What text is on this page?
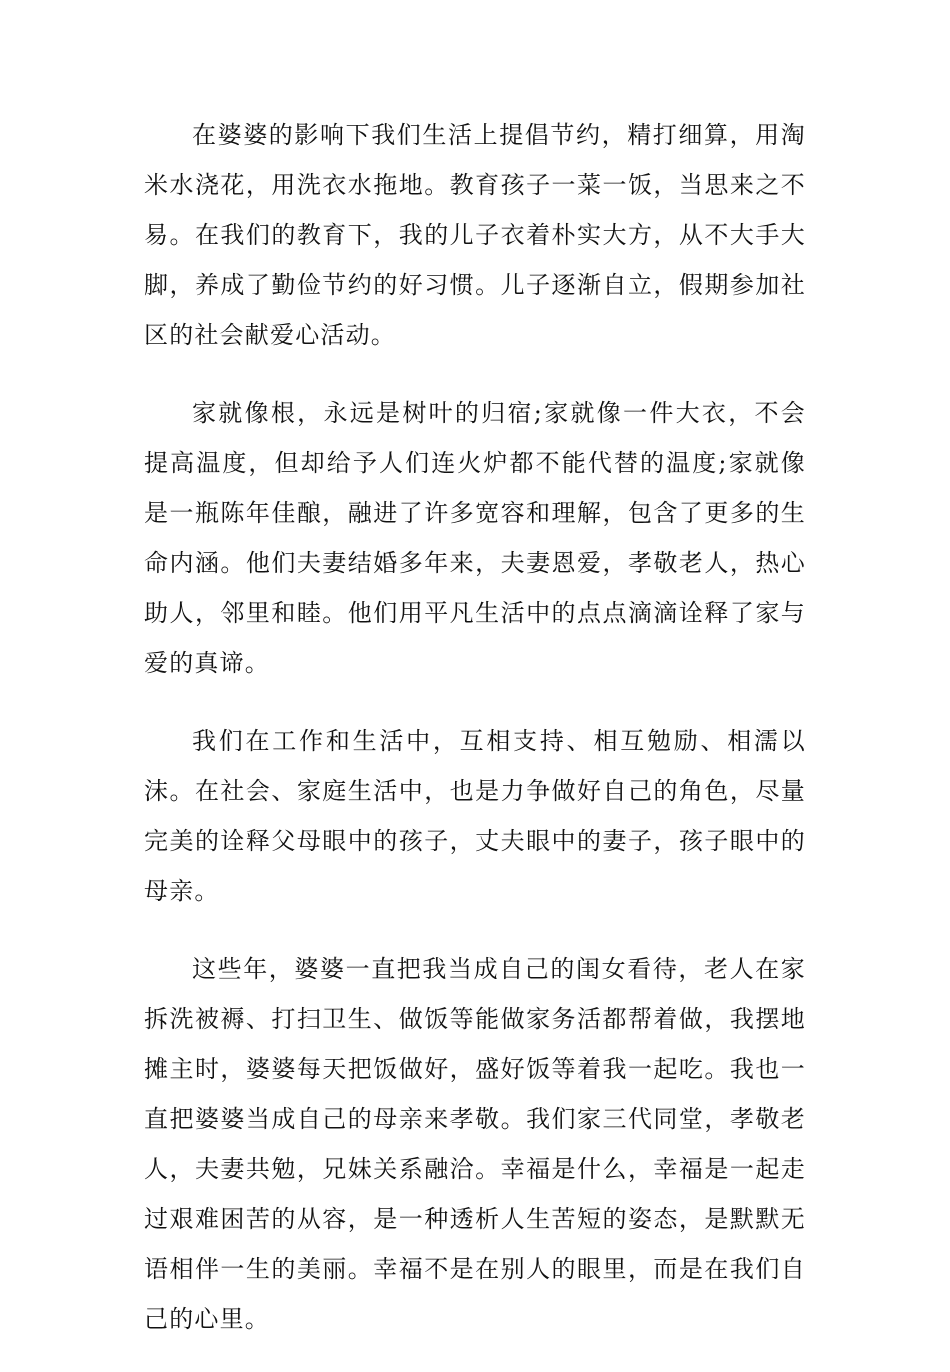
在婆婆的影响下我们生活上提倡节约，精打细算，用淘米水浇花，用洗衣水拖地。教育孩子一菜一饭，当思来之不易。在我们的教育下，我的儿子衣着朴实大方，从不大手大脚，养成了勤俭节约的好习惯。儿子逐渐自立，假期参加社区的社会献爱心活动。

家就像根，永远是树叶的归宿;家就像一件大衣，不会提高温度，但却给予人们连火炉都不能代替的温度;家就像是一瓶陈年佳酿，融进了许多宽容和理解，包含了更多的生命内涵。他们夫妻结婚多年来，夫妻恩爱，孝敬老人，热心助人，邻里和睦。他们用平凡生活中的点点滴滴诠释了家与爱的真谛。

我们在工作和生活中，互相支持、相互勉励、相濡以沫。在社会、家庭生活中，也是力争做好自己的角色，尽量完美的诠释父母眼中的孩子，丈夫眼中的妻子，孩子眼中的母亲。

这些年，婆婆一直把我当成自己的闺女看待，老人在家拆洗被褥、打扫卫生、做饭等能做家务活都帮着做，我摆地摊主时，婆婆每天把饭做好，盛好饭等着我一起吃。我也一直把婆婆当成自己的母亲来孝敬。我们家三代同堂，孝敬老人，夫妻共勉，兄妹关系融洽。幸福是什么，幸福是一起走过艰难困苦的从容，是一种透析人生苦短的姿态，是默默无语相伴一生的美丽。幸福不是在别人的眼里，而是在我们自己的心里。
